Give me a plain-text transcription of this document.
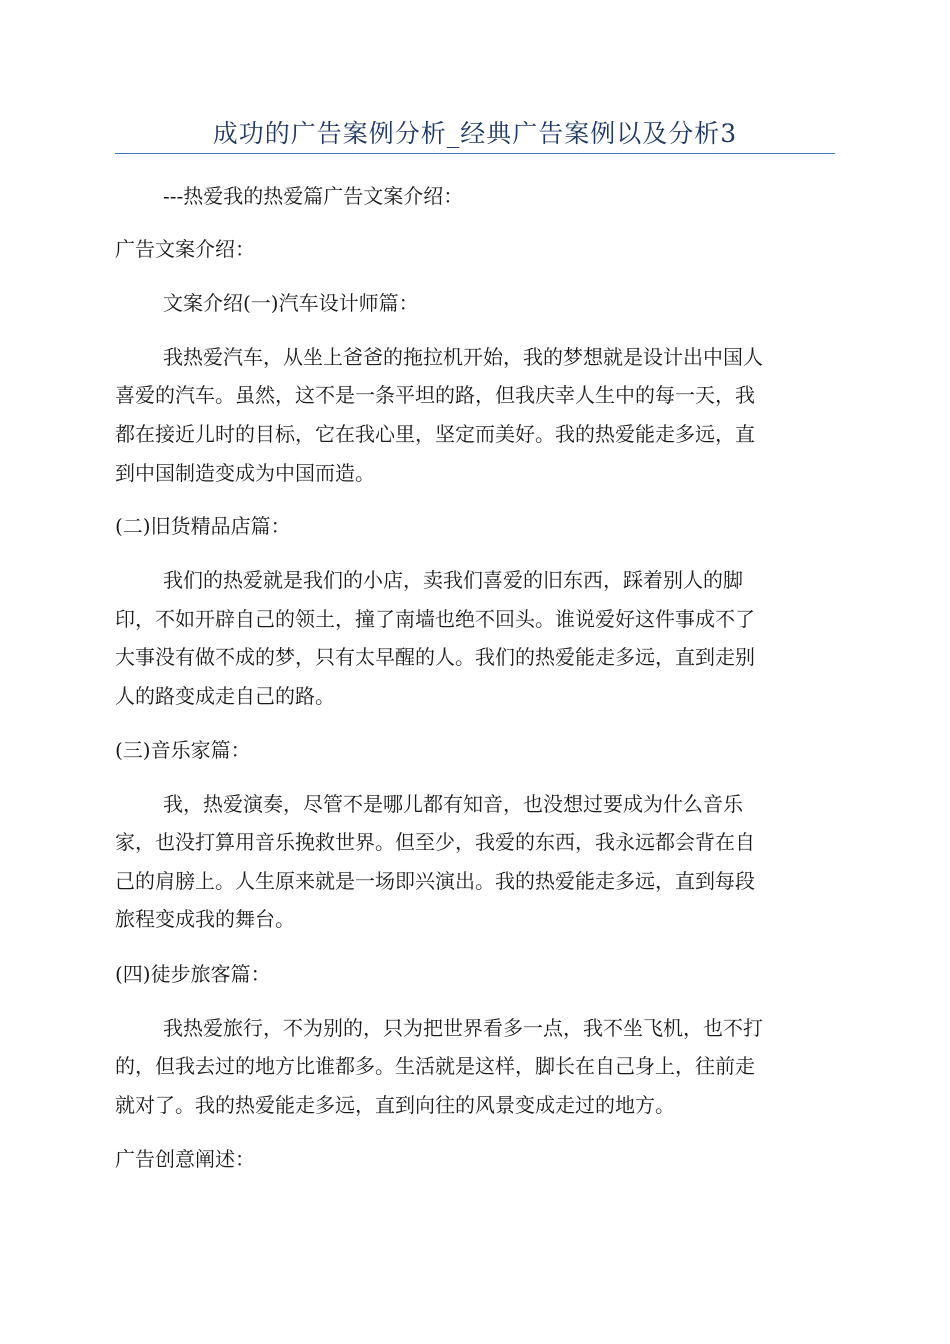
成功的广告案例分析_经典广告案例以及分析3

---热爱我的热爱篇广告文案介绍：

广告文案介绍：

文案介绍(一)汽车设计师篇：

我热爱汽车，从坐上爸爸的拖拉机开始，我的梦想就是设计出中国人

喜爱的汽车。虽然，这不是一条平坦的路，但我庆幸人生中的每一天，我

都在接近儿时的目标，它在我心里，坚定而美好。我的热爱能走多远，直

到中国制造变成为中国而造。

(二)旧货精品店篇：

我们的热爱就是我们的小店，卖我们喜爱的旧东西，踩着别人的脚

印，不如开辟自己的领土，撞了南墙也绝不回头。谁说爱好这件事成不了

大事没有做不成的梦，只有太早醒的人。我们的热爱能走多远，直到走别

人的路变成走自己的路。

(三)音乐家篇：

我，热爱演奏，尽管不是哪儿都有知音，也没想过要成为什么音乐

家，也没打算用音乐挽救世界。但至少，我爱的东西，我永远都会背在自

己的肩膀上。人生原来就是一场即兴演出。我的热爱能走多远，直到每段

旅程变成我的舞台。

(四)徒步旅客篇：

我热爱旅行，不为别的，只为把世界看多一点，我不坐飞机，也不打

的，但我去过的地方比谁都多。生活就是这样，脚长在自己身上，往前走

就对了。我的热爱能走多远，直到向往的风景变成走过的地方。

广告创意阐述：
